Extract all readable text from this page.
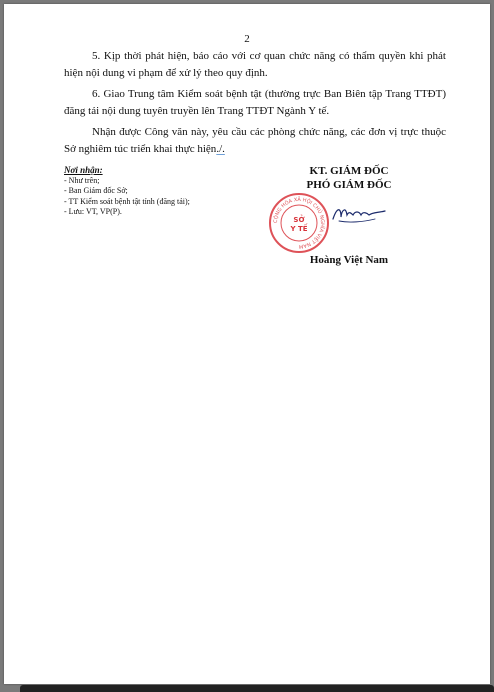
2

5. Kịp thời phát hiện, báo cáo với cơ quan chức năng có thẩm quyền khi phát hiện nội dung vi phạm để xử lý theo quy định.

6. Giao Trung tâm Kiểm soát bệnh tật (thường trực Ban Biên tập Trang TTĐT) đăng tải nội dung tuyên truyền lên Trang TTĐT Ngành Y tế.

Nhận được Công văn này, yêu cầu các phòng chức năng, các đơn vị trực thuộc Sở nghiêm túc triển khai thực hiện./.

Nơi nhận:
- Như trên;
- Ban Giám đốc Sở;
- TT Kiểm soát bệnh tật tỉnh (đăng tải);
- Lưu: VT, VP(P).
KT. GIÁM ĐỐC
PHÓ GIÁM ĐỐC
Hoàng Việt Nam
CỘNG HÒA XÃ HỘI CHỦ NGHĨA VIỆT NAM
SỞ
Y TẾ
